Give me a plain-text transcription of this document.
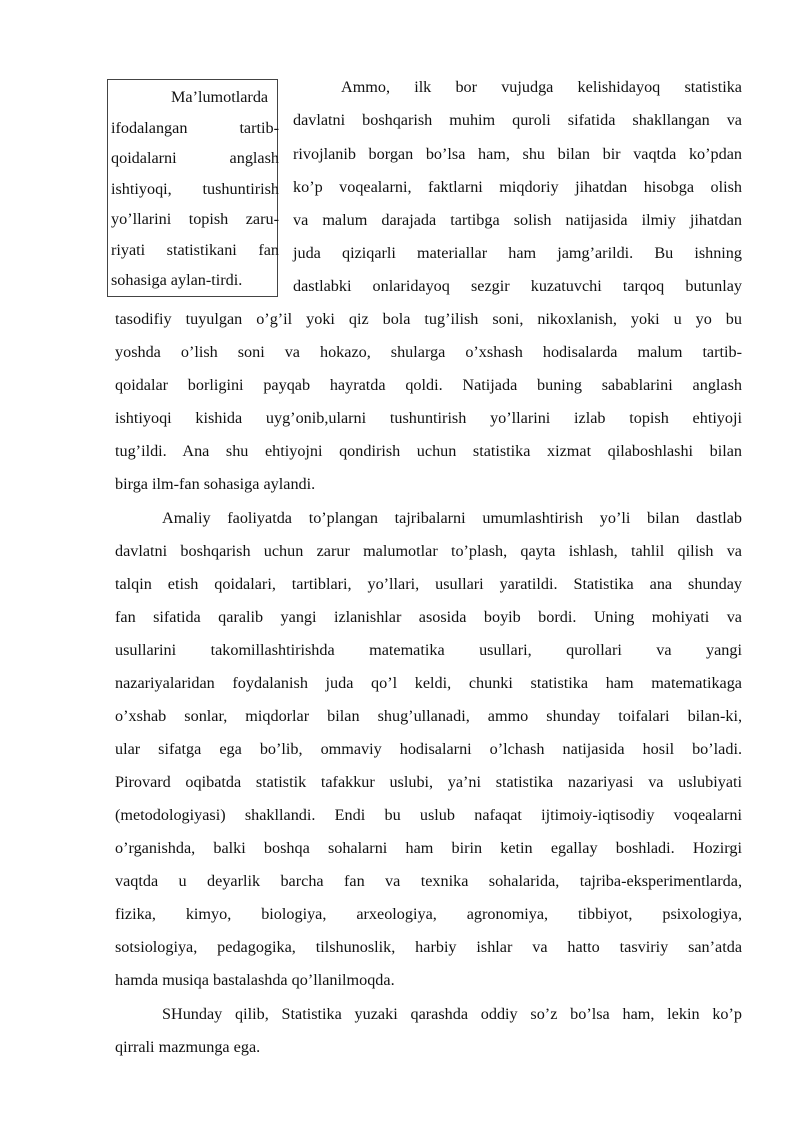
Ma’lumotlarda
ifodalangan tartib-
qoidalarni anglash
ishtiyoqi, tushuntirish
yo’llarini topish zaru-
riyati statistikani fan
sohasiga aylan-tirdi.
Ammo, ilk bor vujudga kelishidayoq statistika
davlatni boshqarish muhim quroli sifatida shakllangan va
rivojlanib borgan bo’lsa ham, shu bilan bir vaqtda ko’pdan
ko’p voqealarni, faktlarni miqdoriy jihatdan hisobga olish
va malum darajada tartibga solish natijasida ilmiy jihatdan
juda qiziqarli materiallar ham jamg’arildi. Bu ishning
dastlabki onlaridayoq sezgir kuzatuvchi tarqoq butunlay
tasodifiy tuyulgan o’g’il yoki qiz bola tug’ilish soni, nikoxlanish, yoki u yo bu
yoshda o’lish soni va hokazo, shularga o’xshash hodisalarda malum tartib-
qoidalar borligini payqab hayratda qoldi. Natijada buning sabablarini anglash
ishtiyoqi kishida uyg’onib,ularni tushuntirish yo’llarini izlab topish ehtiyoji
tug’ildi. Ana shu ehtiyojni qondirish uchun statistika xizmat qilaboshlashi bilan
birga ilm-fan sohasiga aylandi.
Amaliy faoliyatda to’plangan tajribalarni umumlashtirish yo’li bilan dastlab
davlatni boshqarish uchun zarur malumotlar to’plash, qayta ishlash, tahlil qilish va
talqin etish qoidalari, tartiblari, yo’llari, usullari yaratildi. Statistika ana shunday
fan sifatida qaralib yangi izlanishlar asosida boyib bordi. Uning mohiyati va
usullarini takomillashtirishda matematika usullari, qurollari va yangi
nazariyalaridan foydalanish juda qo’l keldi, chunki statistika ham matematikaga
o’xshab sonlar, miqdorlar bilan shug’ullanadi, ammo shunday toifalari bilan-ki,
ular sifatga ega bo’lib, ommaviy hodisalarni o’lchash natijasida hosil bo’ladi.
Pirovard oqibatda statistik tafakkur uslubi, ya’ni statistika nazariyasi va uslubiyati
(metodologiyasi) shakllandi. Endi bu uslub nafaqat ijtimoiy-iqtisodiy voqealarni
o’rganishda, balki boshqa sohalarni ham birin ketin egallay boshladi. Hozirgi
vaqtda u deyarlik barcha fan va texnika sohalarida, tajriba-eksperimentlarda,
fizika, kimyo, biologiya, arxeologiya, agronomiya, tibbiyot, psixologiya,
sotsiologiya, pedagogika, tilshunoslik, harbiy ishlar va hatto tasviriy san’atda
hamda musiqa bastalashda qo’llanilmoqda.
SHunday qilib, Statistika yuzaki qarashda oddiy so’z bo’lsa ham, lekin ko’p
qirrali mazmunga ega.
